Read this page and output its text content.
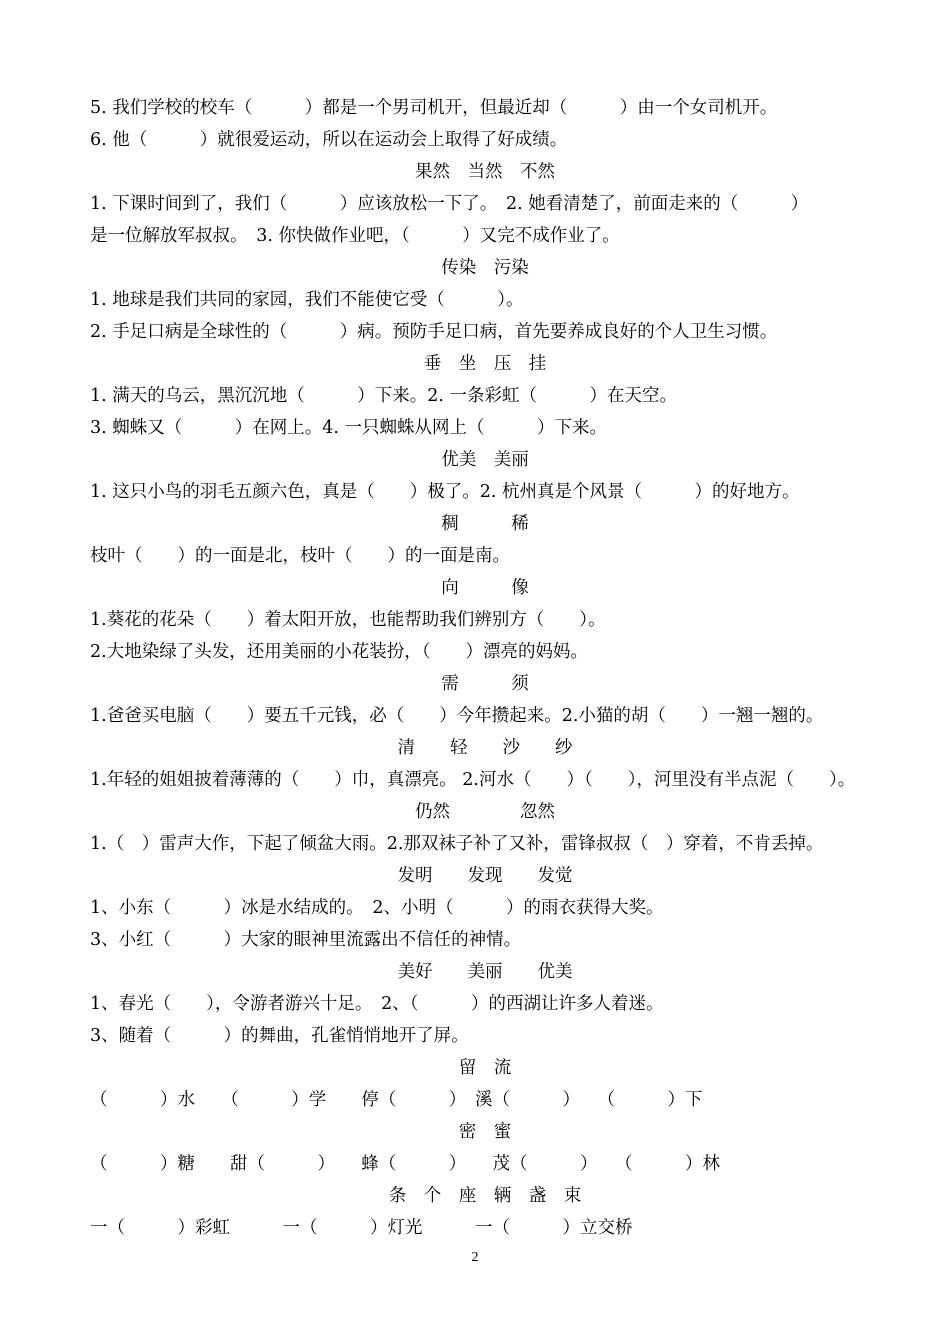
5. 我们学校的校车（　　　）都是一个男司机开，但最近却（　　　）由一个女司机开。
6. 他（　　　）就很爱运动，所以在运动会上取得了好成绩。
果然　当然　不然
1. 下课时间到了，我们（　　　）应该放松一下了。　2. 她看清楚了，前面走来的（　　　）
是一位解放军叔叔。　3. 你快做作业吧，（　　　）又完不成作业了。
传染　污染
1. 地球是我们共同的家园，我们不能使它受（　　　）。
2. 手足口病是全球性的（　　　）病。预防手足口病，首先要养成良好的个人卫生习惯。
垂　坐　压　挂
1. 满天的乌云，黑沉沉地（　　　）下来。2. 一条彩虹（　　　）在天空。
3. 蜘蛛又（　　　）在网上。4. 一只蜘蛛从网上（　　　）下来。
优美　美丽
1. 这只小鸟的羽毛五颜六色，真是（　　）极了。2. 杭州真是个风景（　　　）的好地方。
稠　　　稀
枝叶（　　）的一面是北，枝叶（　　）的一面是南。
向　　　像
1.葵花的花朵（　　）着太阳开放，也能帮助我们辨别方（　　）。
2.大地染绿了头发，还用美丽的小花装扮，（　　）漂亮的妈妈。
需　　　须
1.爸爸买电脑（　　）要五千元钱，必（　　）今年攒起来。2.小猫的胡（　　）一翘一翘的。
清　　轻　　沙　　纱
1.年轻的姐姐披着薄薄的（　　）巾，真漂亮。 2.河水（　　）（　　），河里没有半点泥（　　）。
仍然　　　　忽然
1.（　）雷声大作，下起了倾盆大雨。2.那双袜子补了又补，雷锋叔叔（　）穿着，不肯丢掉。
发明　　发现　　发觉
1、小东（　　　）冰是水结成的。　2、小明（　　　）的雨衣获得大奖。
3、小红（　　　）大家的眼神里流露出不信任的神情。
美好　　美丽　　优美
1、春光（　　），令游者游兴十足。　2、（　　　）的西湖让许多人着迷。
3、随着（　　　）的舞曲，孔雀悄悄地开了屏。
留　流
（　　　）水　　（　　　）学　　停（　　　）　溪（　　　）　　（　　　）下
密　蜜
（　　　）糖　　甜（　　　）　　蜂（　　　）　　茂（　　　）　　（　　　）林
条　个　座　辆　盏　束
一（　　　）彩虹　　　一（　　　）灯光　　　一（　　　）立交桥
2
